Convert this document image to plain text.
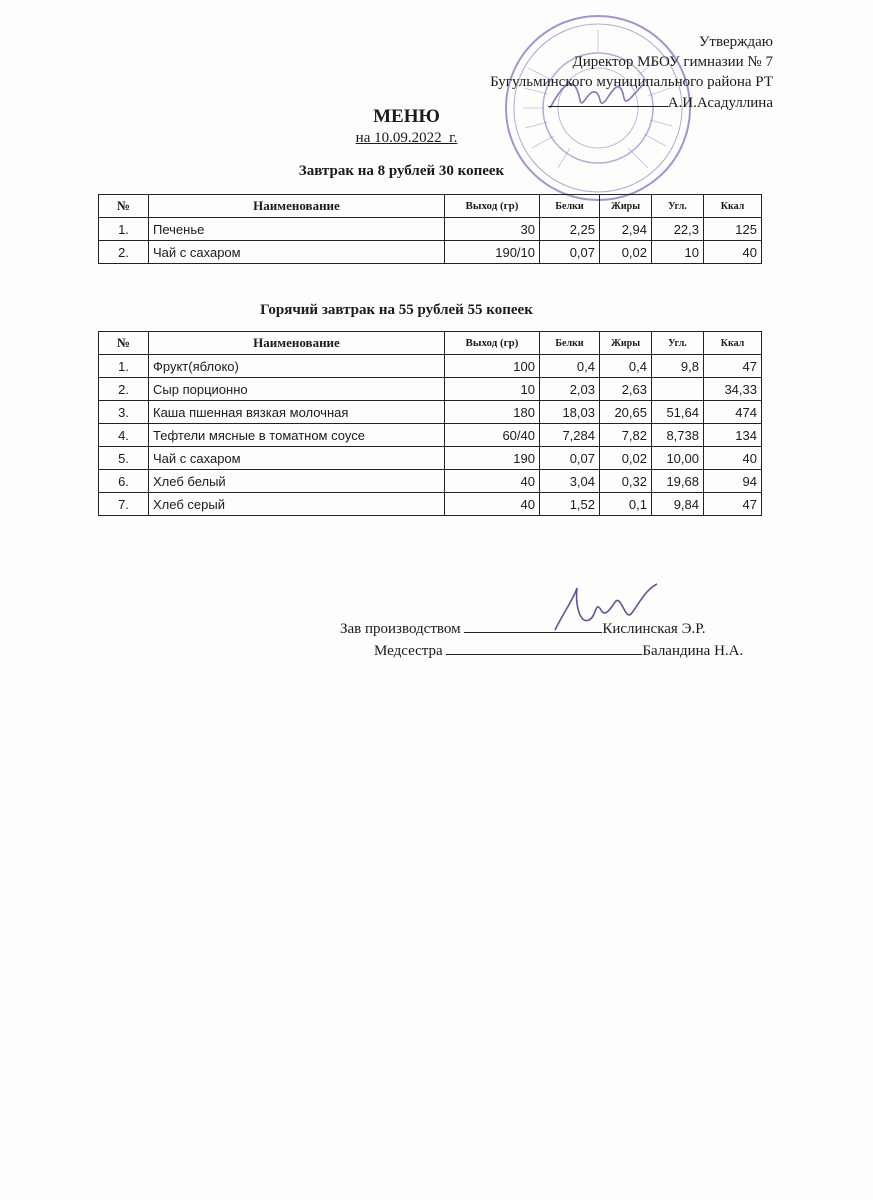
Утверждаю
Директор МБОУ гимназии № 7
Бугульминского муниципального района РТ
А.И.Асадуллина
МЕНЮ
на 10.09.2022_г.
Завтрак на 8 рублей 30 копеек
№	Наименование	Выход (гр)	Белки	Жиры	Угл.	Ккал
1.	Печенье	30	2,25	2,94	22,3	125
2.	Чай с сахаром	190/10	0,07	0,02	10	40
Горячий завтрак на 55 рублей 55 копеек
№	Наименование	Выход (гр)	Белки	Жиры	Угл.	Ккал
1.	Фрукт(яблоко)	100	0,4	0,4	9,8	47
2.	Сыр порционно	10	2,03	2,63		34,33
3.	Каша пшенная вязкая молочная	180	18,03	20,65	51,64	474
4.	Тефтели мясные в томатном соусе	60/40	7,284	7,82	8,738	134
5.	Чай с сахаром	190	0,07	0,02	10,00	40
6.	Хлеб белый	40	3,04	0,32	19,68	94
7.	Хлеб серый	40	1,52	0,1	9,84	47
Зав производством	Кислинская Э.Р.
Медсестра	Баландина Н.А.
